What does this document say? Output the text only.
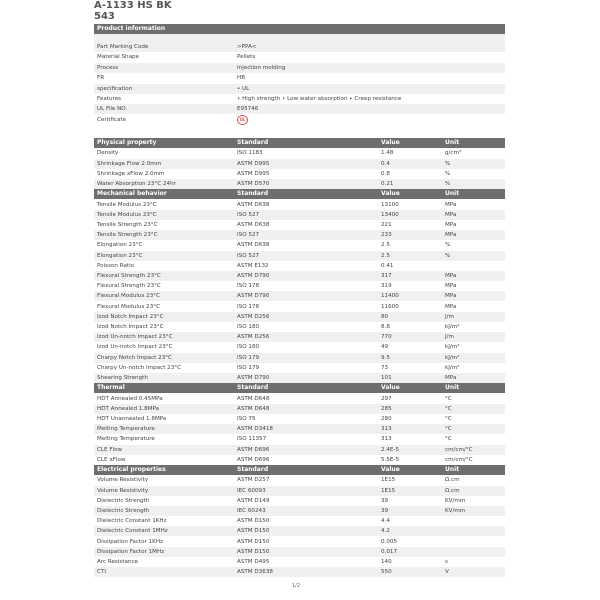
A-1133 HS BK
543
1/2
Product information
Part Marking Code	>PPA<
Material Shape	Pellets
Process	Injection molding
FR	HB
specification	• UL
Features	• High strength • Low water absorption • Creep resistance
UL File NO.	E95746
Certificate	UL
Physical property	Standard	Value	Unit
Density	ISO 1183	1.48	g/cm³
Shrinkage Flow 2.0mm	ASTM D995	0.4	%
Shrinkage xFlow 2.0mm	ASTM D995	0.8	%
Water Absorption 23°C 24hr	ASTM D570	0.21	%
Mechanical behavior	Standard	Value	Unit
Tensile Modulus 23°C	ASTM D638	13100	MPa
Tensile Modulus 23°C	ISO 527	13400	MPa
Tensile Strength 23°C	ASTM D638	221	MPa
Tensile Strength 23°C	ISO 527	233	MPa
Elongation 23°C	ASTM D638	2.5	%
Elongation 23°C	ISO 527	2.5	%
Poisson Ratio	ASTM E132	0.41
Flexural Strength 23°C	ASTM D790	317	MPa
Flexural Strength 23°C	ISO 178	319	MPa
Flexural Modulus 23°C	ASTM D790	11400	MPa
Flexural Modulus 23°C	ISO 178	11600	MPa
Izod Notch Impact 23°C	ASTM D256	80	J/m
Izod Notch Impact 23°C	ISO 180	8.8	kJ/m²
Izod Un-notch Impact 23°C	ASTM D256	770	J/m
Izod Un-notch Impact 23°C	ISO 180	49	kJ/m²
Charpy Notch Impact 23°C	ISO 179	9.5	kJ/m²
Charpy Un-notch Impact 23°C	ISO 179	73	kJ/m²
Shearing Strength	ASTM D790	101	MPa
Thermal	Standard	Value	Unit
HDT Annealed 0.45MPa	ASTM D648	297	°C
HDT Annealed 1.8MPa	ASTM D648	285	°C
HDT Unannealed 1.8MPa	ISO 75	280	°C
Melting Temperature	ASTM D3418	313	°C
Melting Temperature	ISO 11357	313	°C
CLE Flow	ASTM D696	2.4E-5	cm/cm/°C
CLE xFlow	ASTM D696	5.5E-5	cm/cm/°C
Electrical properties	Standard	Value	Unit
Volume Resistivity	ASTM D257	1E15	Ω.cm
Volume Resistivity	IEC 60093	1E15	Ω.cm
Dielectric Strength	ASTM D149	39	KV/mm
Dielectric Strength	IEC 60243	39	KV/mm
Dielectric Constant 1KHz	ASTM D150	4.4
Dielectric Constant 1MHz	ASTM D150	4.2
Dissipation Factor 1KHz	ASTM D150	0.005
Dissipation Factor 1MHz	ASTM D150	0.017
Arc Resistance	ASTM D495	140	s
CTI	ASTM D3638	550	V
